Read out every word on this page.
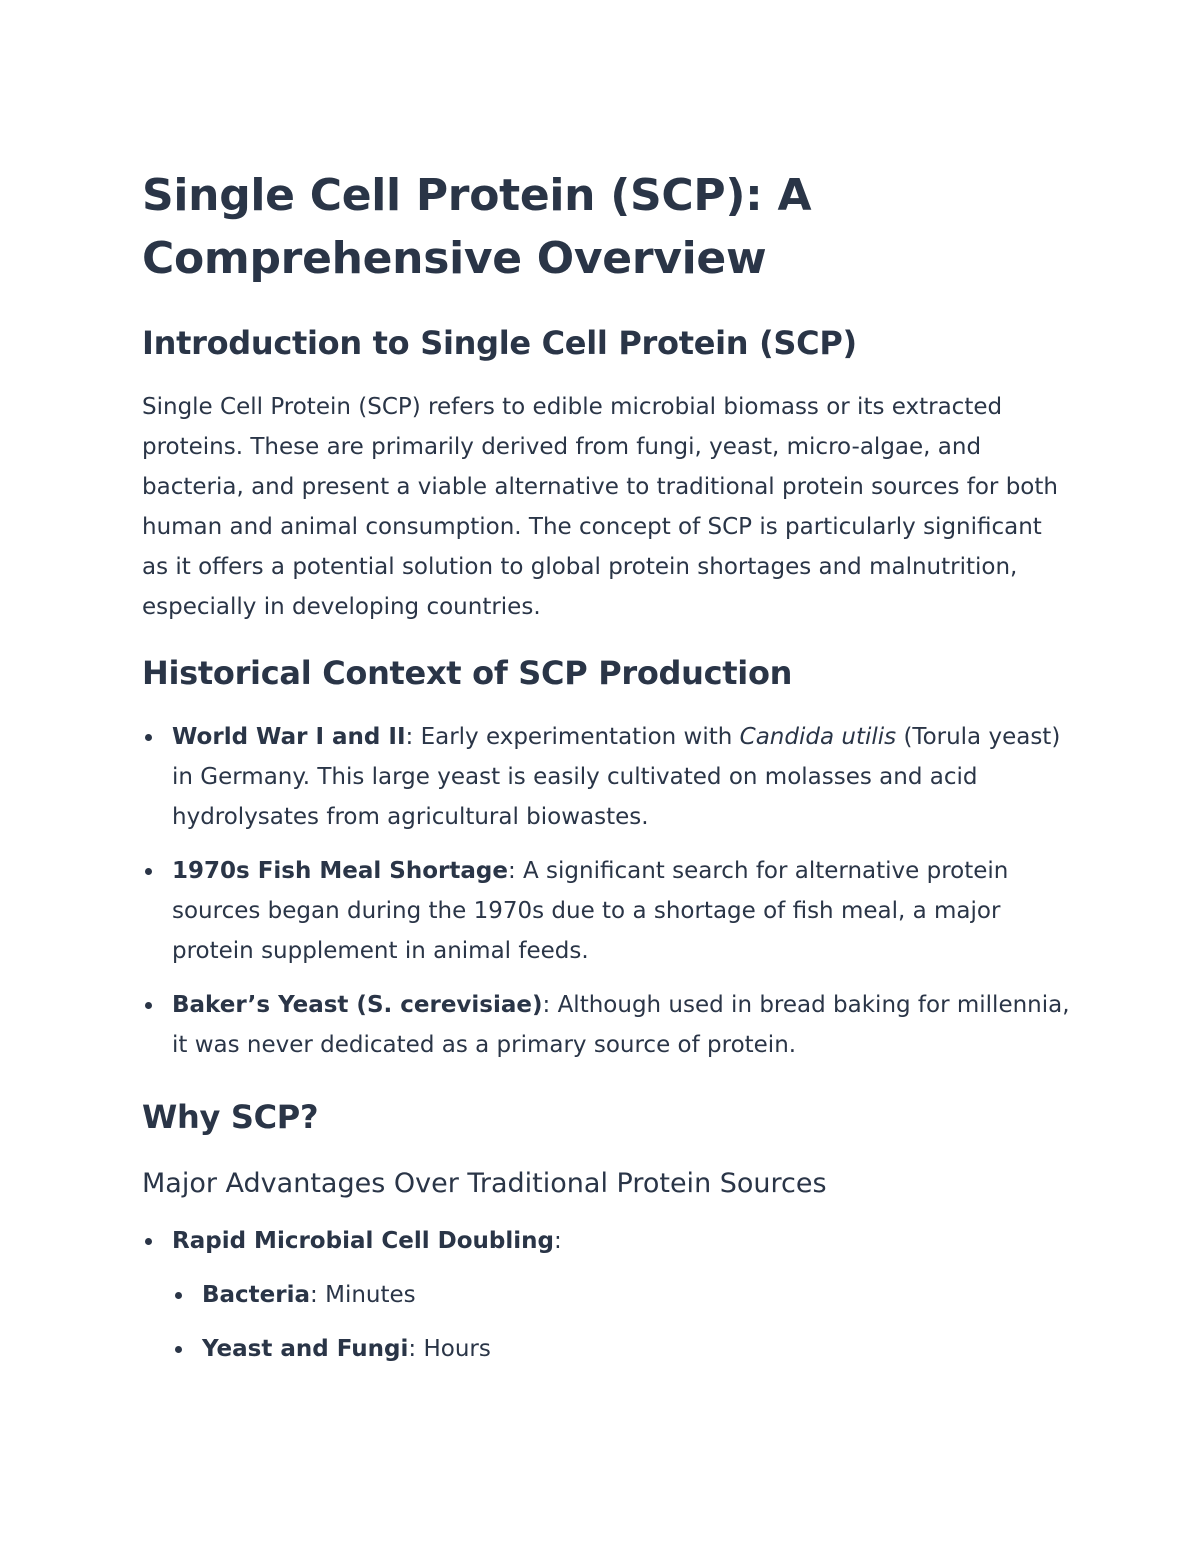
Single Cell Protein (SCP): A Comprehensive Overview
Introduction to Single Cell Protein (SCP)

Single Cell Protein (SCP) refers to edible microbial biomass or its extracted proteins. These are primarily derived from fungi, yeast, micro-algae, and bacteria, and present a viable alternative to traditional protein sources for both human and animal consumption. The concept of SCP is particularly significant as it offers a potential solution to global protein shortages and malnutrition, especially in developing countries.

Historical Context of SCP Production
World War I and II: Early experimentation with Candida utilis (Torula yeast) in Germany. This large yeast is easily cultivated on molasses and acid hydrolysates from agricultural biowastes.
1970s Fish Meal Shortage: A significant search for alternative protein sources began during the 1970s due to a shortage of fish meal, a major protein supplement in animal feeds.
Baker’s Yeast (S. cerevisiae): Although used in bread baking for millennia, it was never dedicated as a primary source of protein.
Why SCP?
Major Advantages Over Traditional Protein Sources
Rapid Microbial Cell Doubling:
Bacteria: Minutes
Yeast and Fungi: Hours
